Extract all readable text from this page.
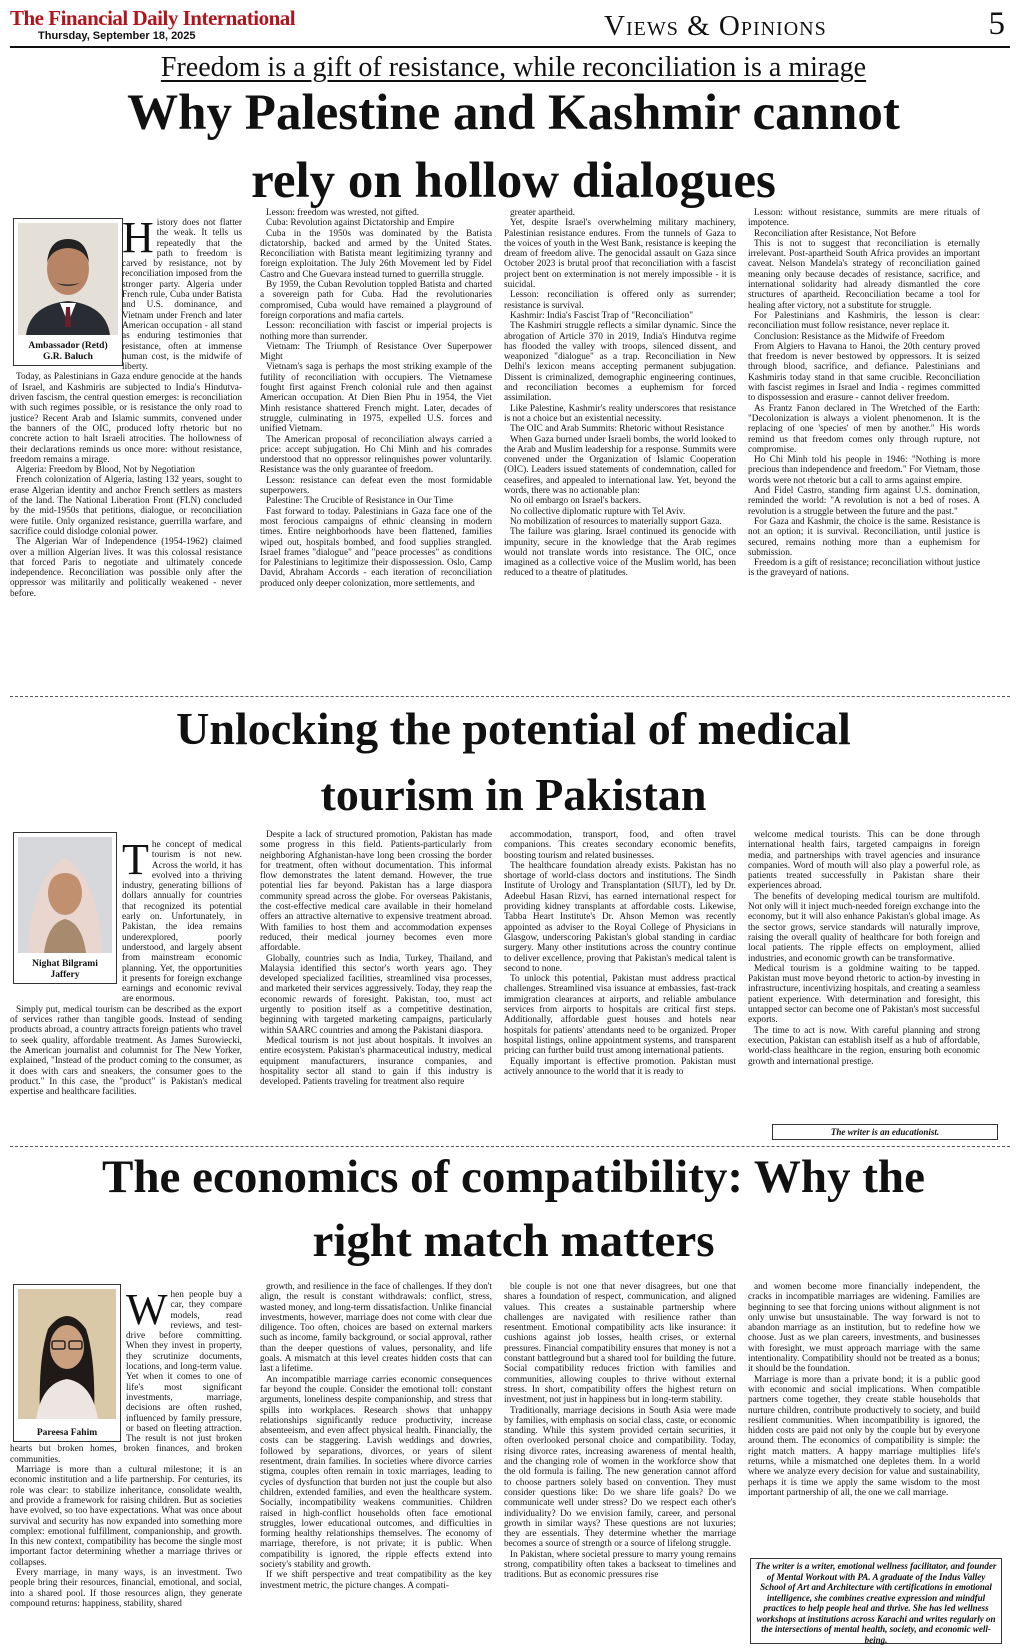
The Financial Daily International
Thursday, September 18, 2025	Views & Opinions	5
Freedom is a gift of resistance, while reconciliation is a mirage
Why Palestine and Kashmir cannot
rely on hollow dialogues
Ambassador (Retd)
G.R. Baluch
H istory does not flatter the weak. It tells us repeatedly that the path to freedom is carved by resistance, not by reconciliation imposed from the stronger party. Algeria under French rule, Cuba under Batista and U.S. dominance, and Vietnam under French and later American occupation - all stand as enduring testimonies that resistance, often at immense human cost, is the midwife of liberty.

Today, as Palestinians in Gaza endure genocide at the hands of Israel, and Kashmiris are subjected to India's Hindutva-driven fascism, the central question emerges: is reconciliation with such regimes possible, or is resistance the only road to justice? Recent Arab and Islamic summits, convened under the banners of the OIC, produced lofty rhetoric but no concrete action to halt Israeli atrocities. The hollowness of their declarations reminds us once more: without resistance, freedom remains a mirage.

Algeria: Freedom by Blood, Not by Negotiation

French colonization of Algeria, lasting 132 years, sought to erase Algerian identity and anchor French settlers as masters of the land. The National Liberation Front (FLN) concluded by the mid-1950s that petitions, dialogue, or reconciliation were futile. Only organized resistance, guerrilla warfare, and sacrifice could dislodge colonial power.

The Algerian War of Independence (1954-1962) claimed over a million Algerian lives. It was this colossal resistance that forced Paris to negotiate and ultimately concede independence. Reconciliation was possible only after the oppressor was militarily and politically weakened - never before.

Lesson: freedom was wrested, not gifted.

Cuba: Revolution against Dictatorship and Empire

Cuba in the 1950s was dominated by the Batista dictatorship, backed and armed by the United States. Reconciliation with Batista meant legitimizing tyranny and foreign exploitation. The July 26th Movement led by Fidel Castro and Che Guevara instead turned to guerrilla struggle.

By 1959, the Cuban Revolution toppled Batista and charted a sovereign path for Cuba. Had the revolutionaries compromised, Cuba would have remained a playground of foreign corporations and mafia cartels.

Lesson: reconciliation with fascist or imperial projects is nothing more than surrender.

Vietnam: The Triumph of Resistance Over Superpower Might

Vietnam's saga is perhaps the most striking example of the futility of reconciliation with occupiers. The Vietnamese fought first against French colonial rule and then against American occupation. At Dien Bien Phu in 1954, the Viet Minh resistance shattered French might. Later, decades of struggle, culminating in 1975, expelled U.S. forces and unified Vietnam.

The American proposal of reconciliation always carried a price: accept subjugation. Ho Chi Minh and his comrades understood that no oppressor relinquishes power voluntarily. Resistance was the only guarantee of freedom.

Lesson: resistance can defeat even the most formidable superpowers.

Palestine: The Crucible of Resistance in Our Time

Fast forward to today. Palestinians in Gaza face one of the most ferocious campaigns of ethnic cleansing in modern times. Entire neighborhoods have been flattened, families wiped out, hospitals bombed, and food supplies strangled. Israel frames "dialogue" and "peace processes" as conditions for Palestinians to legitimize their dispossession. Oslo, Camp David, Abraham Accords - each iteration of reconciliation produced only deeper colonization, more settlements, and

greater apartheid.

Yet, despite Israel's overwhelming military machinery, Palestinian resistance endures. From the tunnels of Gaza to the voices of youth in the West Bank, resistance is keeping the dream of freedom alive. The genocidal assault on Gaza since October 2023 is brutal proof that reconciliation with a fascist project bent on extermination is not merely impossible - it is suicidal.

Lesson: reconciliation is offered only as surrender; resistance is survival.

Kashmir: India's Fascist Trap of "Reconciliation"

The Kashmiri struggle reflects a similar dynamic. Since the abrogation of Article 370 in 2019, India's Hindutva regime has flooded the valley with troops, silenced dissent, and weaponized "dialogue" as a trap. Reconciliation in New Delhi's lexicon means accepting permanent subjugation. Dissent is criminalized, demographic engineering continues, and reconciliation becomes a euphemism for forced assimilation.

Like Palestine, Kashmir's reality underscores that resistance is not a choice but an existential necessity.

The OIC and Arab Summits: Rhetoric without Resistance

When Gaza burned under Israeli bombs, the world looked to the Arab and Muslim leadership for a response. Summits were convened under the Organization of Islamic Cooperation (OIC). Leaders issued statements of condemnation, called for ceasefires, and appealed to international law. Yet, beyond the words, there was no actionable plan:

No oil embargo on Israel's backers.

No collective diplomatic rupture with Tel Aviv.

No mobilization of resources to materially support Gaza.

The failure was glaring. Israel continued its genocide with impunity, secure in the knowledge that the Arab regimes would not translate words into resistance. The OIC, once imagined as a collective voice of the Muslim world, has been reduced to a theatre of platitudes.

Lesson: without resistance, summits are mere rituals of impotence.

Reconciliation after Resistance, Not Before

This is not to suggest that reconciliation is eternally irrelevant. Post-apartheid South Africa provides an important caveat. Nelson Mandela's strategy of reconciliation gained meaning only because decades of resistance, sacrifice, and international solidarity had already dismantled the core structures of apartheid. Reconciliation became a tool for healing after victory, not a substitute for struggle.

For Palestinians and Kashmiris, the lesson is clear: reconciliation must follow resistance, never replace it.

Conclusion: Resistance as the Midwife of Freedom

From Algiers to Havana to Hanoi, the 20th century proved that freedom is never bestowed by oppressors. It is seized through blood, sacrifice, and defiance. Palestinians and Kashmiris today stand in that same crucible. Reconciliation with fascist regimes in Israel and India - regimes committed to dispossession and erasure - cannot deliver freedom.

As Frantz Fanon declared in The Wretched of the Earth: "Decolonization is always a violent phenomenon. It is the replacing of one 'species' of men by another." His words remind us that freedom comes only through rupture, not compromise.

Ho Chi Minh told his people in 1946: "Nothing is more precious than independence and freedom." For Vietnam, those words were not rhetoric but a call to arms against empire.

And Fidel Castro, standing firm against U.S. domination, reminded the world: "A revolution is not a bed of roses. A revolution is a struggle between the future and the past."

For Gaza and Kashmir, the choice is the same. Resistance is not an option; it is survival. Reconciliation, until justice is secured, remains nothing more than a euphemism for submission.

Freedom is a gift of resistance; reconciliation without justice is the graveyard of nations.

Unlocking the potential of medical
tourism in Pakistan
Nighat Bilgrami
Jaffery
T he concept of medical tourism is not new. Across the world, it has evolved into a thriving industry, generating billions of dollars annually for countries that recognized its potential early on. Unfortunately, in Pakistan, the idea remains underexplored, poorly understood, and largely absent from mainstream economic planning. Yet, the opportunities it presents for foreign exchange earnings and economic revival are enormous.

Simply put, medical tourism can be described as the export of services rather than tangible goods. Instead of sending products abroad, a country attracts foreign patients who travel to seek quality, affordable treatment. As James Surowiecki, the American journalist and columnist for The New Yorker, explained, "Instead of the product coming to the consumer, as it does with cars and sneakers, the consumer goes to the product." In this case, the "product" is Pakistan's medical expertise and healthcare facilities.

Despite a lack of structured promotion, Pakistan has made some progress in this field. Patients-particularly from neighboring Afghanistan-have long been crossing the border for treatment, often without documentation. This informal flow demonstrates the latent demand. However, the true potential lies far beyond. Pakistan has a large diaspora community spread across the globe. For overseas Pakistanis, the cost-effective medical care available in their homeland offers an attractive alternative to expensive treatment abroad. With families to host them and accommodation expenses reduced, their medical journey becomes even more affordable.

Globally, countries such as India, Turkey, Thailand, and Malaysia identified this sector's worth years ago. They developed specialized facilities, streamlined visa processes, and marketed their services aggressively. Today, they reap the economic rewards of foresight. Pakistan, too, must act urgently to position itself as a competitive destination, beginning with targeted marketing campaigns, particularly within SAARC countries and among the Pakistani diaspora.

Medical tourism is not just about hospitals. It involves an entire ecosystem. Pakistan's pharmaceutical industry, medical equipment manufacturers, insurance companies, and hospitality sector all stand to gain if this industry is developed. Patients traveling for treatment also require

accommodation, transport, food, and often travel companions. This creates secondary economic benefits, boosting tourism and related businesses.

The healthcare foundation already exists. Pakistan has no shortage of world-class doctors and institutions. The Sindh Institute of Urology and Transplantation (SIUT), led by Dr. Adeebul Hasan Rizvi, has earned international respect for providing kidney transplants at affordable costs. Likewise, Tabba Heart Institute's Dr. Ahson Memon was recently appointed as adviser to the Royal College of Physicians in Glasgow, underscoring Pakistan's global standing in cardiac surgery. Many other institutions across the country continue to deliver excellence, proving that Pakistan's medical talent is second to none.

To unlock this potential, Pakistan must address practical challenges. Streamlined visa issuance at embassies, fast-track immigration clearances at airports, and reliable ambulance services from airports to hospitals are critical first steps. Additionally, affordable guest houses and hotels near hospitals for patients' attendants need to be organized. Proper hospital listings, online appointment systems, and transparent pricing can further build trust among international patients.

Equally important is effective promotion. Pakistan must actively announce to the world that it is ready to

welcome medical tourists. This can be done through international health fairs, targeted campaigns in foreign media, and partnerships with travel agencies and insurance companies. Word of mouth will also play a powerful role, as patients treated successfully in Pakistan share their experiences abroad.

The benefits of developing medical tourism are multifold. Not only will it inject much-needed foreign exchange into the economy, but it will also enhance Pakistan's global image. As the sector grows, service standards will naturally improve, raising the overall quality of healthcare for both foreign and local patients. The ripple effects on employment, allied industries, and economic growth can be transformative.

Medical tourism is a goldmine waiting to be tapped. Pakistan must move beyond rhetoric to action-by investing in infrastructure, incentivizing hospitals, and creating a seamless patient experience. With determination and foresight, this untapped sector can become one of Pakistan's most successful exports.

The time to act is now. With careful planning and strong execution, Pakistan can establish itself as a hub of affordable, world-class healthcare in the region, ensuring both economic growth and international prestige.

The writer is an educationist.
The economics of compatibility: Why the
right match matters
Pareesa Fahim
W hen people buy a car, they compare models, read reviews, and test-drive before committing. When they invest in property, they scrutinize documents, locations, and long-term value. Yet when it comes to one of life's most significant investments, marriage, decisions are often rushed, influenced by family pressure, or based on fleeting attraction. The result is not just broken hearts but broken homes, broken finances, and broken communities.

Marriage is more than a cultural milestone; it is an economic institution and a life partnership. For centuries, its role was clear: to stabilize inheritance, consolidate wealth, and provide a framework for raising children. But as societies have evolved, so too have expectations. What was once about survival and security has now expanded into something more complex: emotional fulfillment, companionship, and growth. In this new context, compatibility has become the single most important factor determining whether a marriage thrives or collapses.

Every marriage, in many ways, is an investment. Two people bring their resources, financial, emotional, and social, into a shared pool. If those resources align, they generate compound returns: happiness, stability, shared

growth, and resilience in the face of challenges. If they don't align, the result is constant withdrawals: conflict, stress, wasted money, and long-term dissatisfaction. Unlike financial investments, however, marriage does not come with clear due diligence. Too often, choices are based on external markers such as income, family background, or social approval, rather than the deeper questions of values, personality, and life goals. A mismatch at this level creates hidden costs that can last a lifetime.

An incompatible marriage carries economic consequences far beyond the couple. Consider the emotional toll: constant arguments, loneliness despite companionship, and stress that spills into workplaces. Research shows that unhappy relationships significantly reduce productivity, increase absenteeism, and even affect physical health. Financially, the costs can be staggering. Lavish weddings and dowries, followed by separations, divorces, or years of silent resentment, drain families. In societies where divorce carries stigma, couples often remain in toxic marriages, leading to cycles of dysfunction that burden not just the couple but also children, extended families, and even the healthcare system. Socially, incompatibility weakens communities. Children raised in high-conflict households often face emotional struggles, lower educational outcomes, and difficulties in forming healthy relationships themselves. The economy of marriage, therefore, is not private; it is public. When compatibility is ignored, the ripple effects extend into society's stability and growth.

If we shift perspective and treat compatibility as the key investment metric, the picture changes. A compati-

ble couple is not one that never disagrees, but one that shares a foundation of respect, communication, and aligned values. This creates a sustainable partnership where challenges are navigated with resilience rather than resentment. Emotional compatibility acts like insurance: it cushions against job losses, health crises, or external pressures. Financial compatibility ensures that money is not a constant battleground but a shared tool for building the future. Social compatibility reduces friction with families and communities, allowing couples to thrive without external stress. In short, compatibility offers the highest return on investment, not just in happiness but in long-term stability.

Traditionally, marriage decisions in South Asia were made by families, with emphasis on social class, caste, or economic standing. While this system provided certain securities, it often overlooked personal choice and compatibility. Today, rising divorce rates, increasing awareness of mental health, and the changing role of women in the workforce show that the old formula is failing. The new generation cannot afford to choose partners solely based on convention. They must consider questions like: Do we share life goals? Do we communicate well under stress? Do we respect each other's individuality? Do we envision family, career, and personal growth in similar ways? These questions are not luxuries; they are essentials. They determine whether the marriage becomes a source of strength or a source of lifelong struggle.

In Pakistan, where societal pressure to marry young remains strong, compatibility often takes a backseat to timelines and traditions. But as economic pressures rise

and women become more financially independent, the cracks in incompatible marriages are widening. Families are beginning to see that forcing unions without alignment is not only unwise but unsustainable. The way forward is not to abandon marriage as an institution, but to redefine how we choose. Just as we plan careers, investments, and businesses with foresight, we must approach marriage with the same intentionality. Compatibility should not be treated as a bonus; it should be the foundation.

Marriage is more than a private bond; it is a public good with economic and social implications. When compatible partners come together, they create stable households that nurture children, contribute productively to society, and build resilient communities. When incompatibility is ignored, the hidden costs are paid not only by the couple but by everyone around them. The economics of compatibility is simple: the right match matters. A happy marriage multiplies life's returns, while a mismatched one depletes them. In a world where we analyze every decision for value and sustainability, perhaps it is time we apply the same wisdom to the most important partnership of all, the one we call marriage.

The writer is a writer, emotional wellness facilitator, and founder of Mental Workout with PA. A graduate of the Indus Valley School of Art and Architecture with certifications in emotional intelligence, she combines creative expression and mindful practices to help people heal and thrive. She has led wellness workshops at institutions across Karachi and writes regularly on the intersections of mental health, society, and economic well-being.
